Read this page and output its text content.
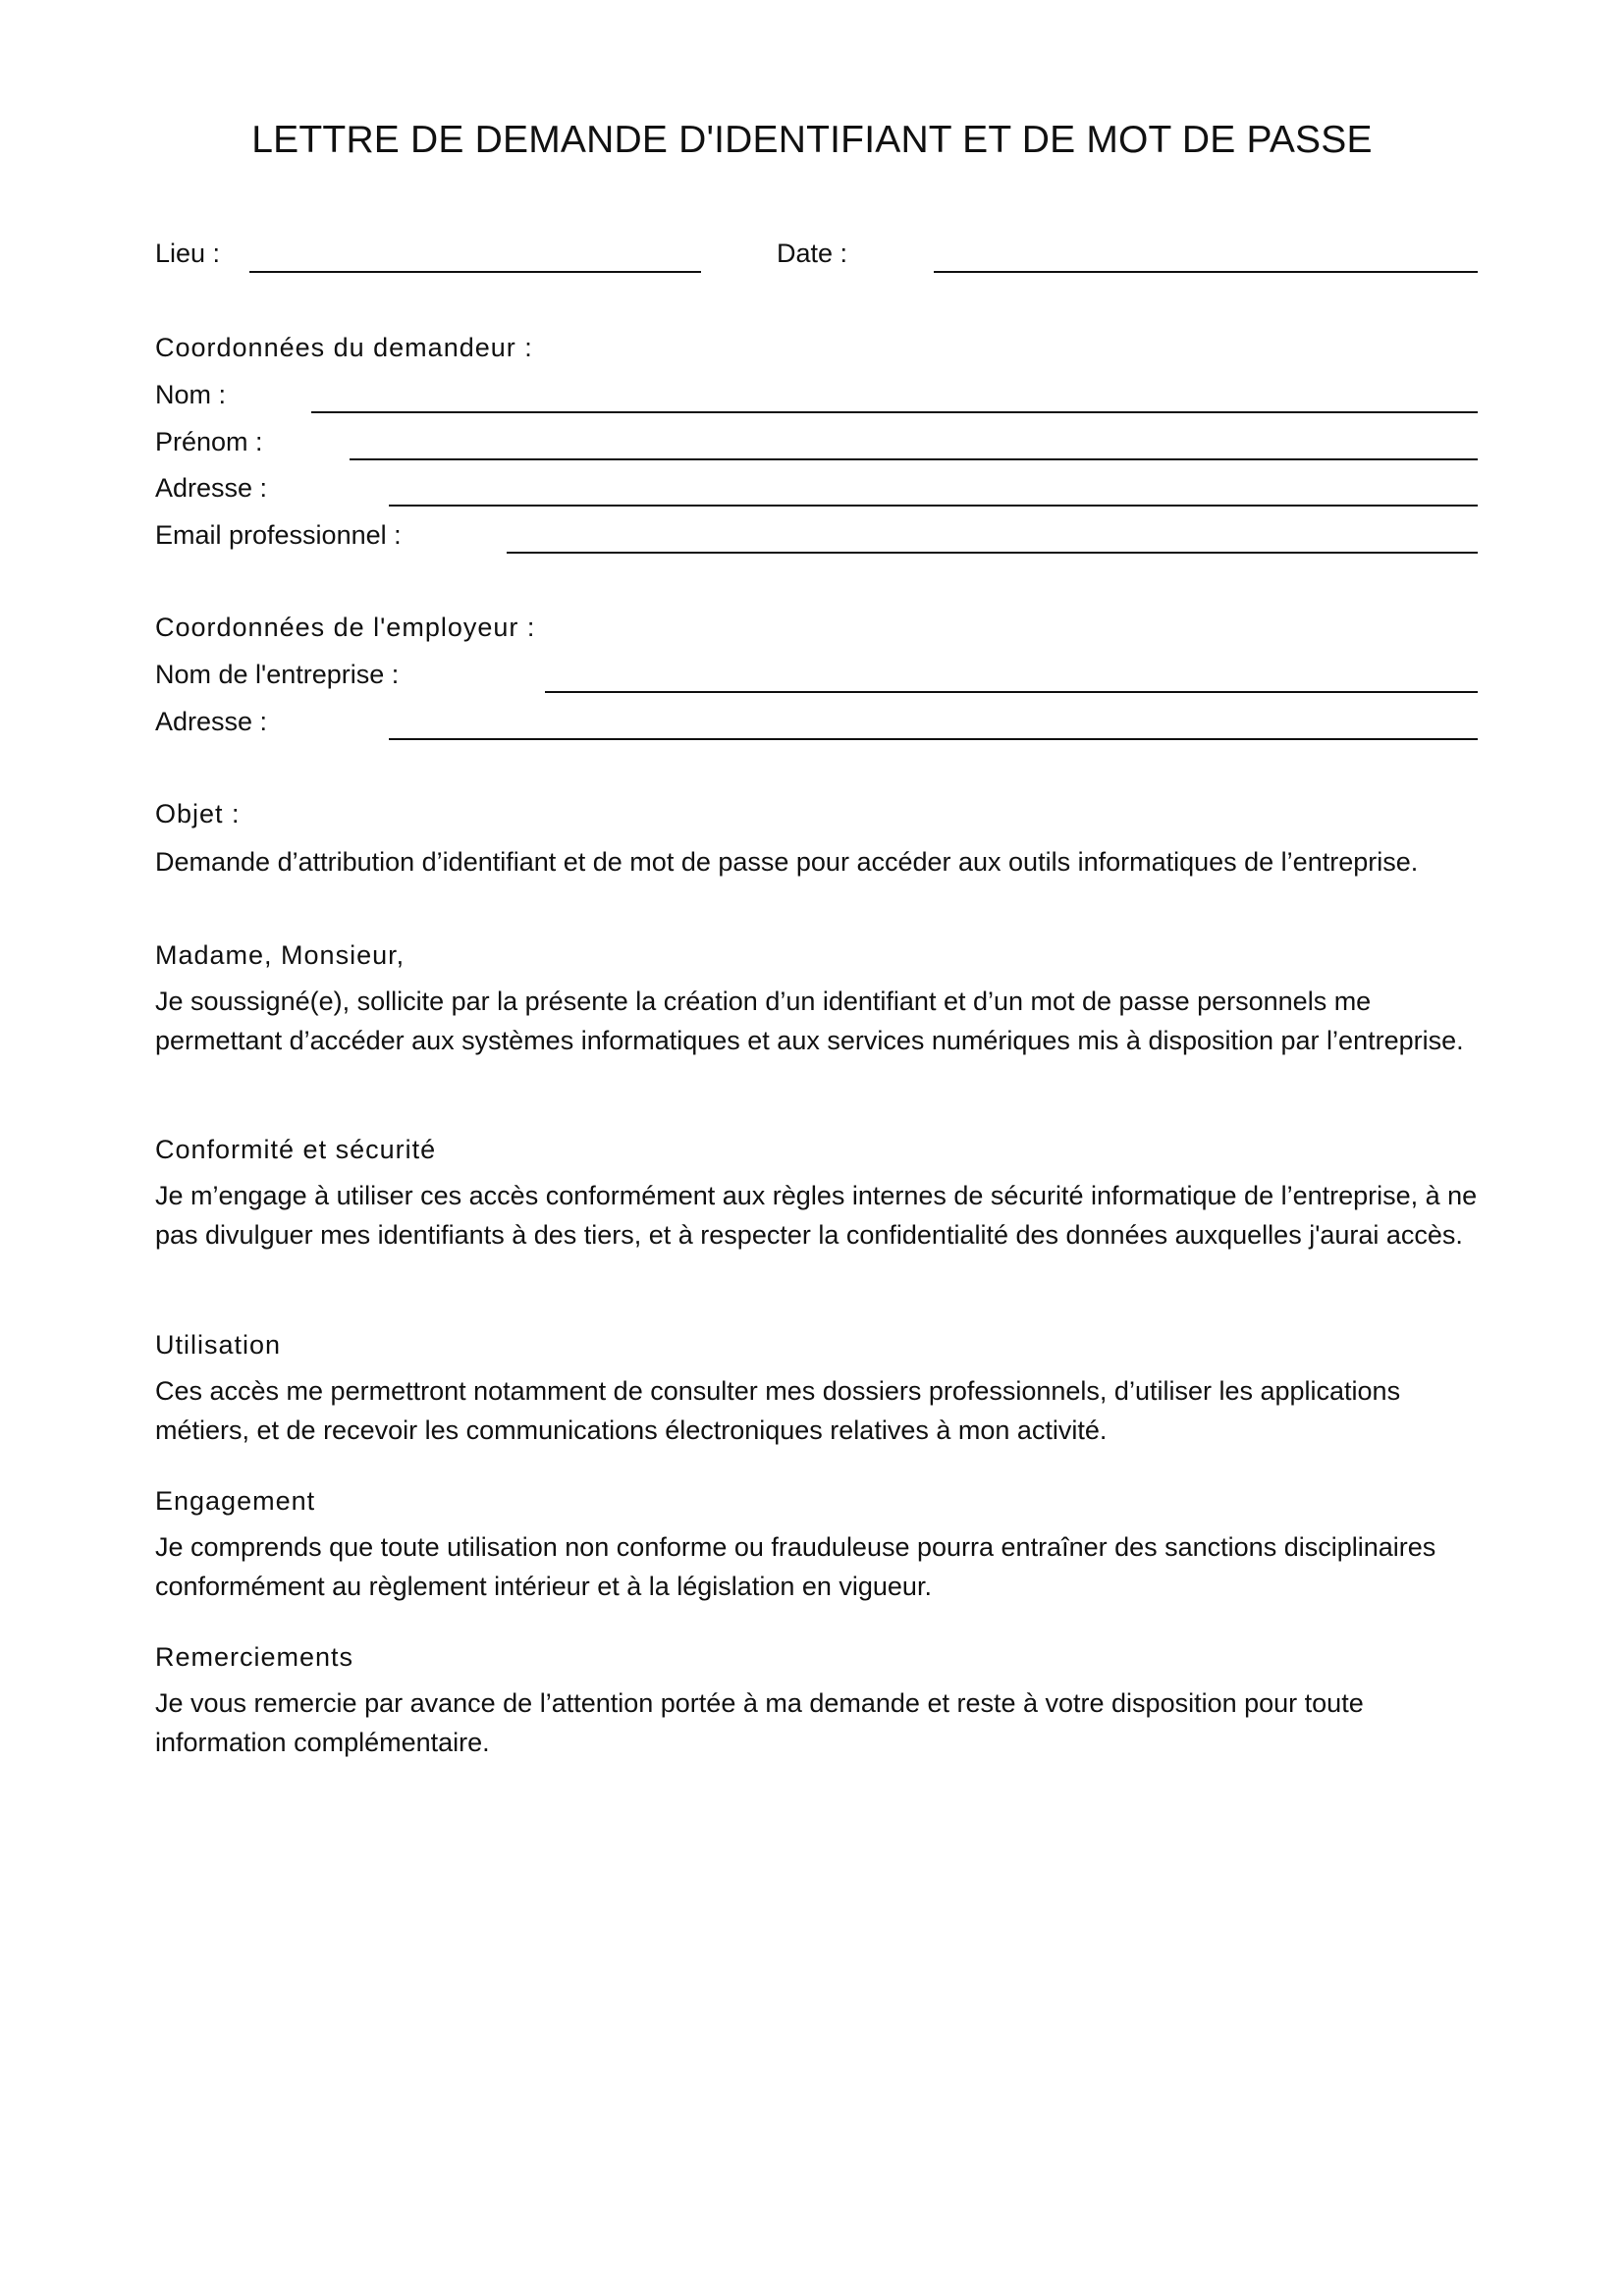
LETTRE DE DEMANDE D'IDENTIFIANT ET DE MOT DE PASSE
Lieu :	Date :
Coordonnées du demandeur :
Nom :
Prénom :
Adresse :
Email professionnel :
Coordonnées de l'employeur :
Nom de l'entreprise :
Adresse :
Objet :
Demande d’attribution d’identifiant et de mot de passe pour accéder aux outils informatiques de l’entreprise.
Madame, Monsieur,
Je soussigné(e), sollicite par la présente la création d’un identifiant et d’un mot de passe personnels me permettant d’accéder aux systèmes informatiques et aux services numériques mis à disposition par l’entreprise.
Conformité et sécurité
Je m’engage à utiliser ces accès conformément aux règles internes de sécurité informatique de l’entreprise, à ne pas divulguer mes identifiants à des tiers, et à respecter la confidentialité des données auxquelles j'aurai accès.
Utilisation
Ces accès me permettront notamment de consulter mes dossiers professionnels, d’utiliser les applications métiers, et de recevoir les communications électroniques relatives à mon activité.
Engagement
Je comprends que toute utilisation non conforme ou frauduleuse pourra entraîner des sanctions disciplinaires conformément au règlement intérieur et à la législation en vigueur.
Remerciements
Je vous remercie par avance de l’attention portée à ma demande et reste à votre disposition pour toute information complémentaire.
